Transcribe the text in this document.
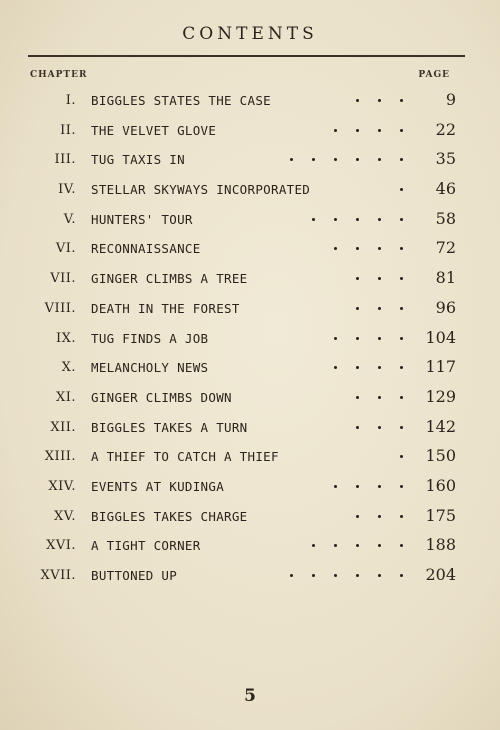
CONTENTS
CHAPTER	PAGE
I. BIGGLES STATES THE CASE	9
II. THE VELVET GLOVE	22
III. TUG TAXIS IN	35
IV. STELLAR SKYWAYS INCORPORATED	46
V. HUNTERS' TOUR	58
VI. RECONNAISSANCE	72
VII. GINGER CLIMBS A TREE	81
VIII. DEATH IN THE FOREST	96
IX. TUG FINDS A JOB	104
X. MELANCHOLY NEWS	117
XI. GINGER CLIMBS DOWN	129
XII. BIGGLES TAKES A TURN	142
XIII. A THIEF TO CATCH A THIEF	150
XIV. EVENTS AT KUDINGA	160
XV. BIGGLES TAKES CHARGE	175
XVI. A TIGHT CORNER	188
XVII. BUTTONED UP	204
5
